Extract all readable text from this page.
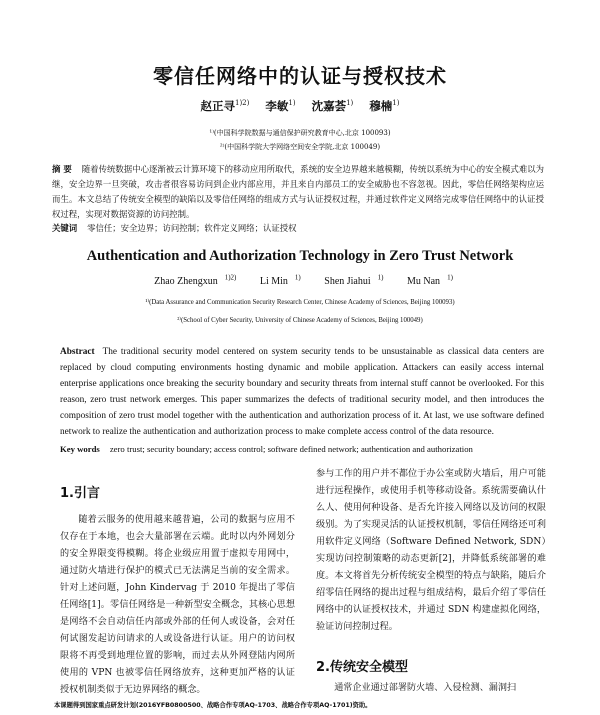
零信任网络中的认证与授权技术
赵正寻$^{1)2)}$ 李敏$^{1)}$ 沈嘉荟$^{1)}$ 穆楠$^{1)}$
¹⁾(中国科学院数据与通信保护研究教育中心,北京 100093)
²⁾(中国科学院大学网络空间安全学院,北京 100049)
摘 要 随着传统数据中心逐渐被云计算环境下的移动应用所取代，系统的安全边界越来越模糊，传统以系统为中心的安全模式难以为继，安全边界一旦突破，攻击者很容易访问到企业内部应用，并且来自内部员工的安全威胁也不容忽视。因此，零信任网络架构应运而生。本文总结了传统安全模型的缺陷以及零信任网络的组成方式与认证授权过程，并通过软件定义网络完成零信任网络中的认证授权过程，实现对数据资源的访问控制。
关键词 零信任；安全边界；访问控制；软件定义网络；认证授权
Authentication and Authorization Technology in Zero Trust Network
Zhao Zhengxun $^{1)2)}$ Li Min $^{1)}$ Shen Jiahui $^{1)}$ Mu Nan $^{1)}$
¹⁾(Data Assurance and Communication Security Research Center, Chinese Academy of Sciences, Beijing 100093)
²⁾(School of Cyber Security, University of Chinese Academy of Sciences, Beijing 100049)
Abstract The traditional security model centered on system security tends to be unsustainable as classical data centers are replaced by cloud computing environments hosting dynamic and mobile application. Attackers can easily access internal enterprise applications once breaking the security boundary and security threats from internal stuff cannot be overlooked. For this reason, zero trust network emerges. This paper summarizes the defects of traditional security model, and then introduces the composition of zero trust model together with the authentication and authorization process of it. At last, we use software defined network to realize the authentication and authorization process to make complete access control of the data resource.
Key words zero trust; security boundary; access control; software defined network; authentication and authorization
1.引言

随着云服务的使用越来越普遍，公司的数据与应用不仅存在于本地，也会大量部署在云端。此时以内外网划分的安全界限变得模糊。将企业级应用置于虚拟专用网中，通过防火墙进行保护的模式已无法满足当前的安全需求。针对上述问题，John Kindervag 于 2010 年提出了零信任网络[1]。零信任网络是一种新型安全概念，其核心思想是网络不会自动信任内部或外部的任何人或设备，会对任何试图发起访问请求的人或设备进行认证。用户的访问权限将不再受到地理位置的影响，而过去从外网登陆内网所使用的 VPN 也被零信任网络放弃，这种更加严格的认证授权机制类似于无边界网络的概念。

参与工作的用户并不都位于办公室或防火墙后，用户可能进行远程操作，或使用手机等移动设备。系统需要确认什么人、使用何种设备、是否允许接入网络以及访问的权限级别。为了实现灵活的认证授权机制，零信任网络还可利用软件定义网络（Software Defined Network, SDN）实现访问控制策略的动态更新[2]，并降低系统部署的难度。本文将首先分析传统安全模型的特点与缺陷，随后介绍零信任网络的提出过程与组成结构，最后介绍了零信任网络中的认证授权技术，并通过 SDN 构建虚拟化网络，验证访问控制过程。

2.传统安全模型

通常企业通过部署防火墙、入侵检测、漏洞扫

本课题得到国家重点研发计划(2016YFB0800500、战略合作专项AQ-1703、战略合作专项AQ-1701)资助。
